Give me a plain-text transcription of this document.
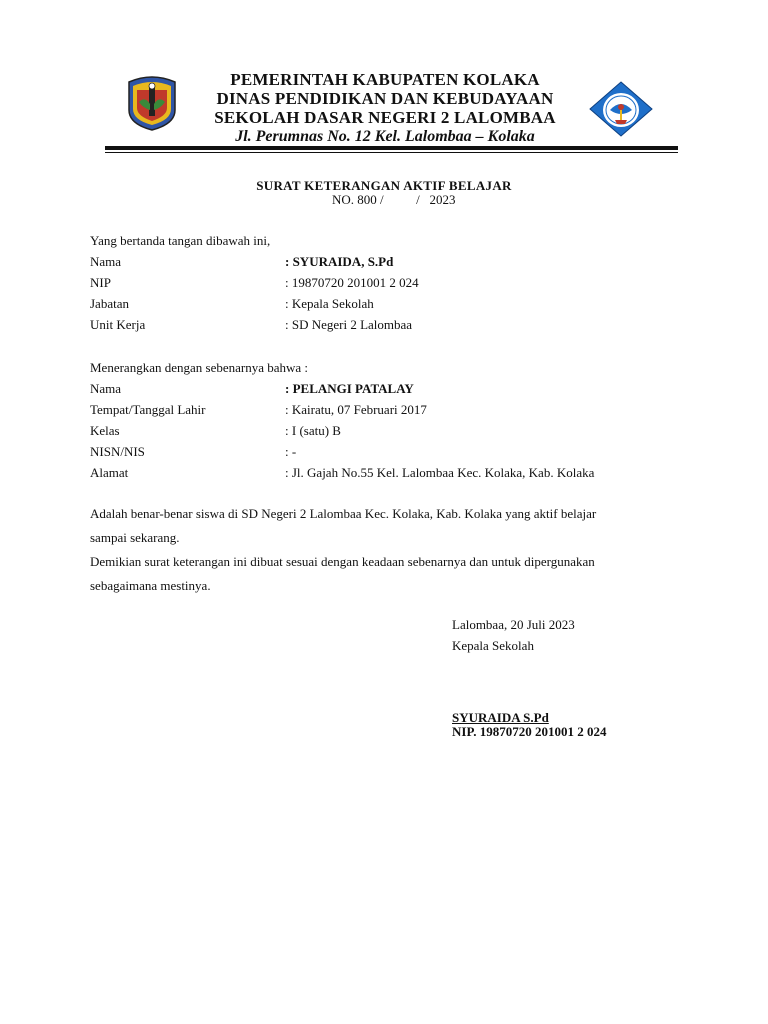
PEMERINTAH KABUPATEN KOLAKA
DINAS PENDIDIKAN DAN KEBUDAYAAN
SEKOLAH DASAR NEGERI 2 LALOMBAA
Jl. Perumnas No. 12 Kel. Lalombaa – Kolaka
SURAT KETERANGAN AKTIF BELAJAR
NO. 800 /          /   2023
Yang bertanda tangan dibawah ini,
Nama	: SYURAIDA, S.Pd
NIP	: 19870720 201001 2 024
Jabatan	: Kepala Sekolah
Unit Kerja	: SD Negeri 2 Lalombaa
Menerangkan dengan sebenarnya bahwa :
Nama	: PELANGI PATALAY
Tempat/Tanggal Lahir	: Kairatu, 07 Februari 2017
Kelas	: I (satu) B
NISN/NIS	: -
Alamat	: Jl. Gajah No.55 Kel. Lalombaa Kec. Kolaka, Kab. Kolaka
Adalah benar-benar siswa di SD Negeri 2 Lalombaa Kec. Kolaka, Kab. Kolaka yang aktif belajar
sampai sekarang.
Demikian surat keterangan ini dibuat sesuai dengan keadaan sebenarnya dan untuk dipergunakan
sebagaimana mestinya.
Lalombaa, 20 Juli 2023
Kepala Sekolah
SYURAIDA S.Pd
NIP. 19870720 201001 2 024
